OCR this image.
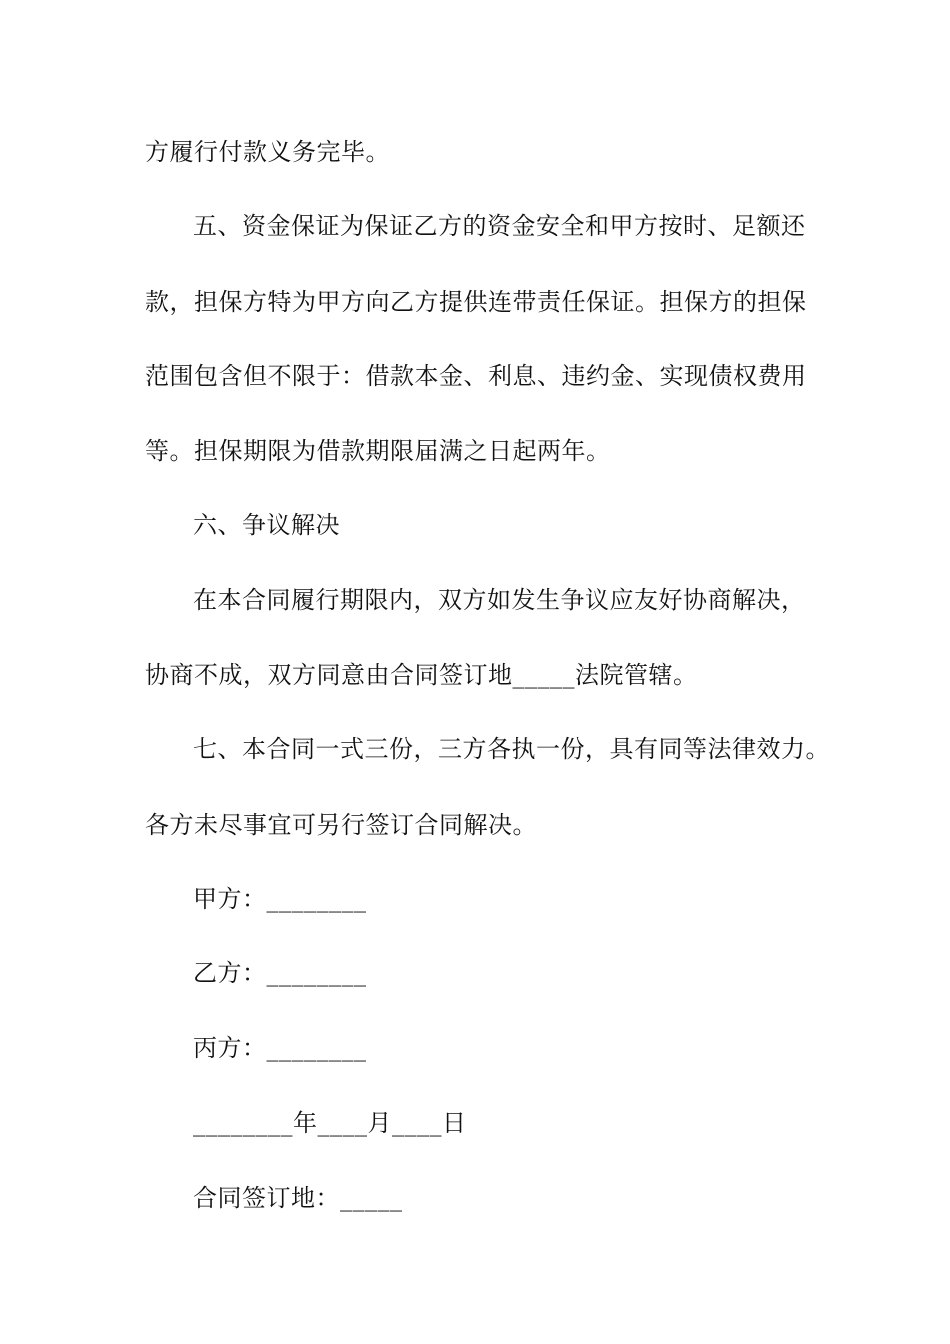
方履行付款义务完毕。
五、资金保证为保证乙方的资金安全和甲方按时、足额还
款，担保方特为甲方向乙方提供连带责任保证。担保方的担保
范围包含但不限于：借款本金、利息、违约金、实现债权费用
等。担保期限为借款期限届满之日起两年。
六、争议解决
在本合同履行期限内，双方如发生争议应友好协商解决，
协商不成，双方同意由合同签订地_____法院管辖。
七、本合同一式三份，三方各执一份，具有同等法律效力。
各方未尽事宜可另行签订合同解决。
甲方：________
乙方：________
丙方：________
________年____月____日
合同签订地：_____
